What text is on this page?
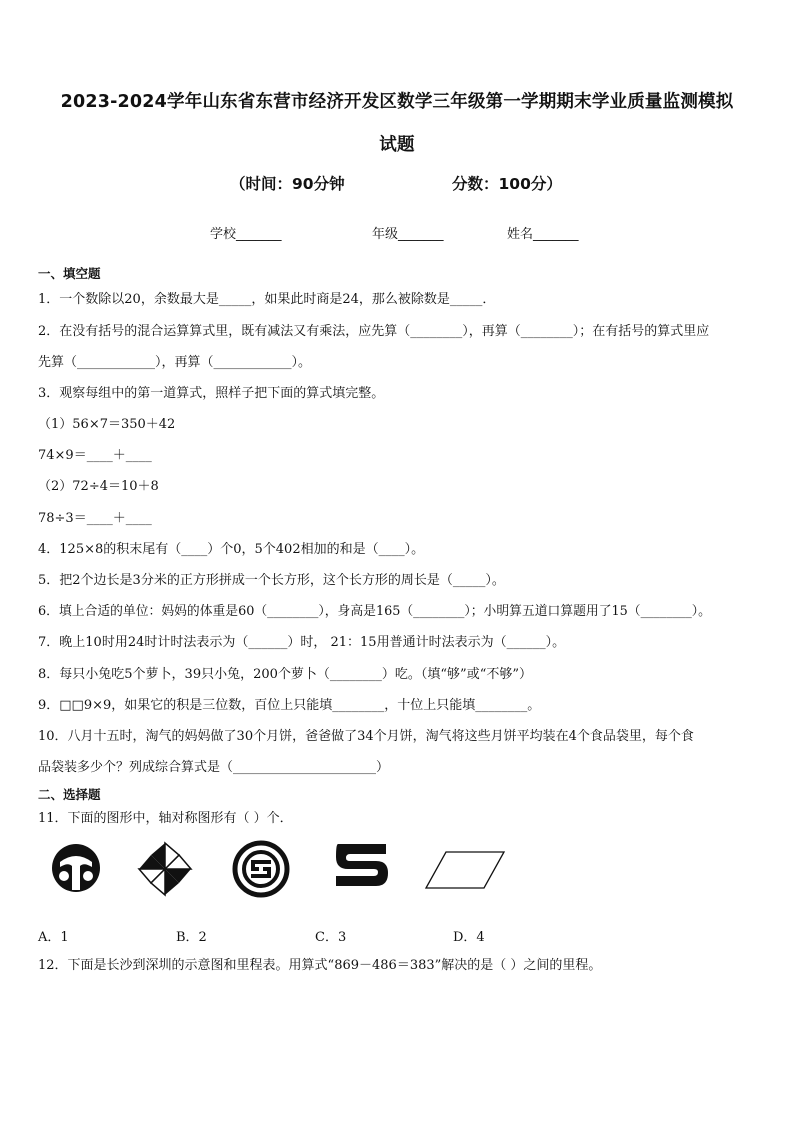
2023-2024学年山东省东营市经济开发区数学三年级第一学期期末学业质量监测模拟
试题
（时间：90分钟	分数：100分）
学校_______	年级_______	姓名_______
一、填空题
1．一个数除以20，余数最大是_____，如果此时商是24，那么被除数是_____．
2．在没有括号的混合运算算式里，既有减法又有乘法，应先算（________），再算（________）；在有括号的算式里应
先算（____________），再算（____________）。
3．观察每组中的第一道算式，照样子把下面的算式填完整。
（1）56×7＝350＋42
74×9＝____＋____
（2）72÷4＝10＋8
78÷3＝____＋____
4．125×8的积末尾有（____）个0，5个402相加的和是（____）。
5．把2个边长是3分米的正方形拼成一个长方形，这个长方形的周长是（_____）。
6．填上合适的单位：妈妈的体重是60（________），身高是165（________）；小明算五道口算题用了15（________）。
7．晚上10时用24时计时法表示为（______）时， 21：15用普通计时法表示为（______）。
8．每只小兔吃5个萝卜，39只小兔，200个萝卜（________）吃。（填“够”或“不够”）
9．□□9×9，如果它的积是三位数，百位上只能填________，十位上只能填________。
10．八月十五时，淘气的妈妈做了30个月饼，爸爸做了34个月饼，淘气将这些月饼平均装在4个食品袋里，每个食
品袋装多少个？列成综合算式是（______________________）
二、选择题
11．下面的图形中，轴对称图形有（ ）个．
A．1	B．2	C．3	D．4
12．下面是长沙到深圳的示意图和里程表。用算式“869－486＝383”解决的是（ ）之间的里程。
